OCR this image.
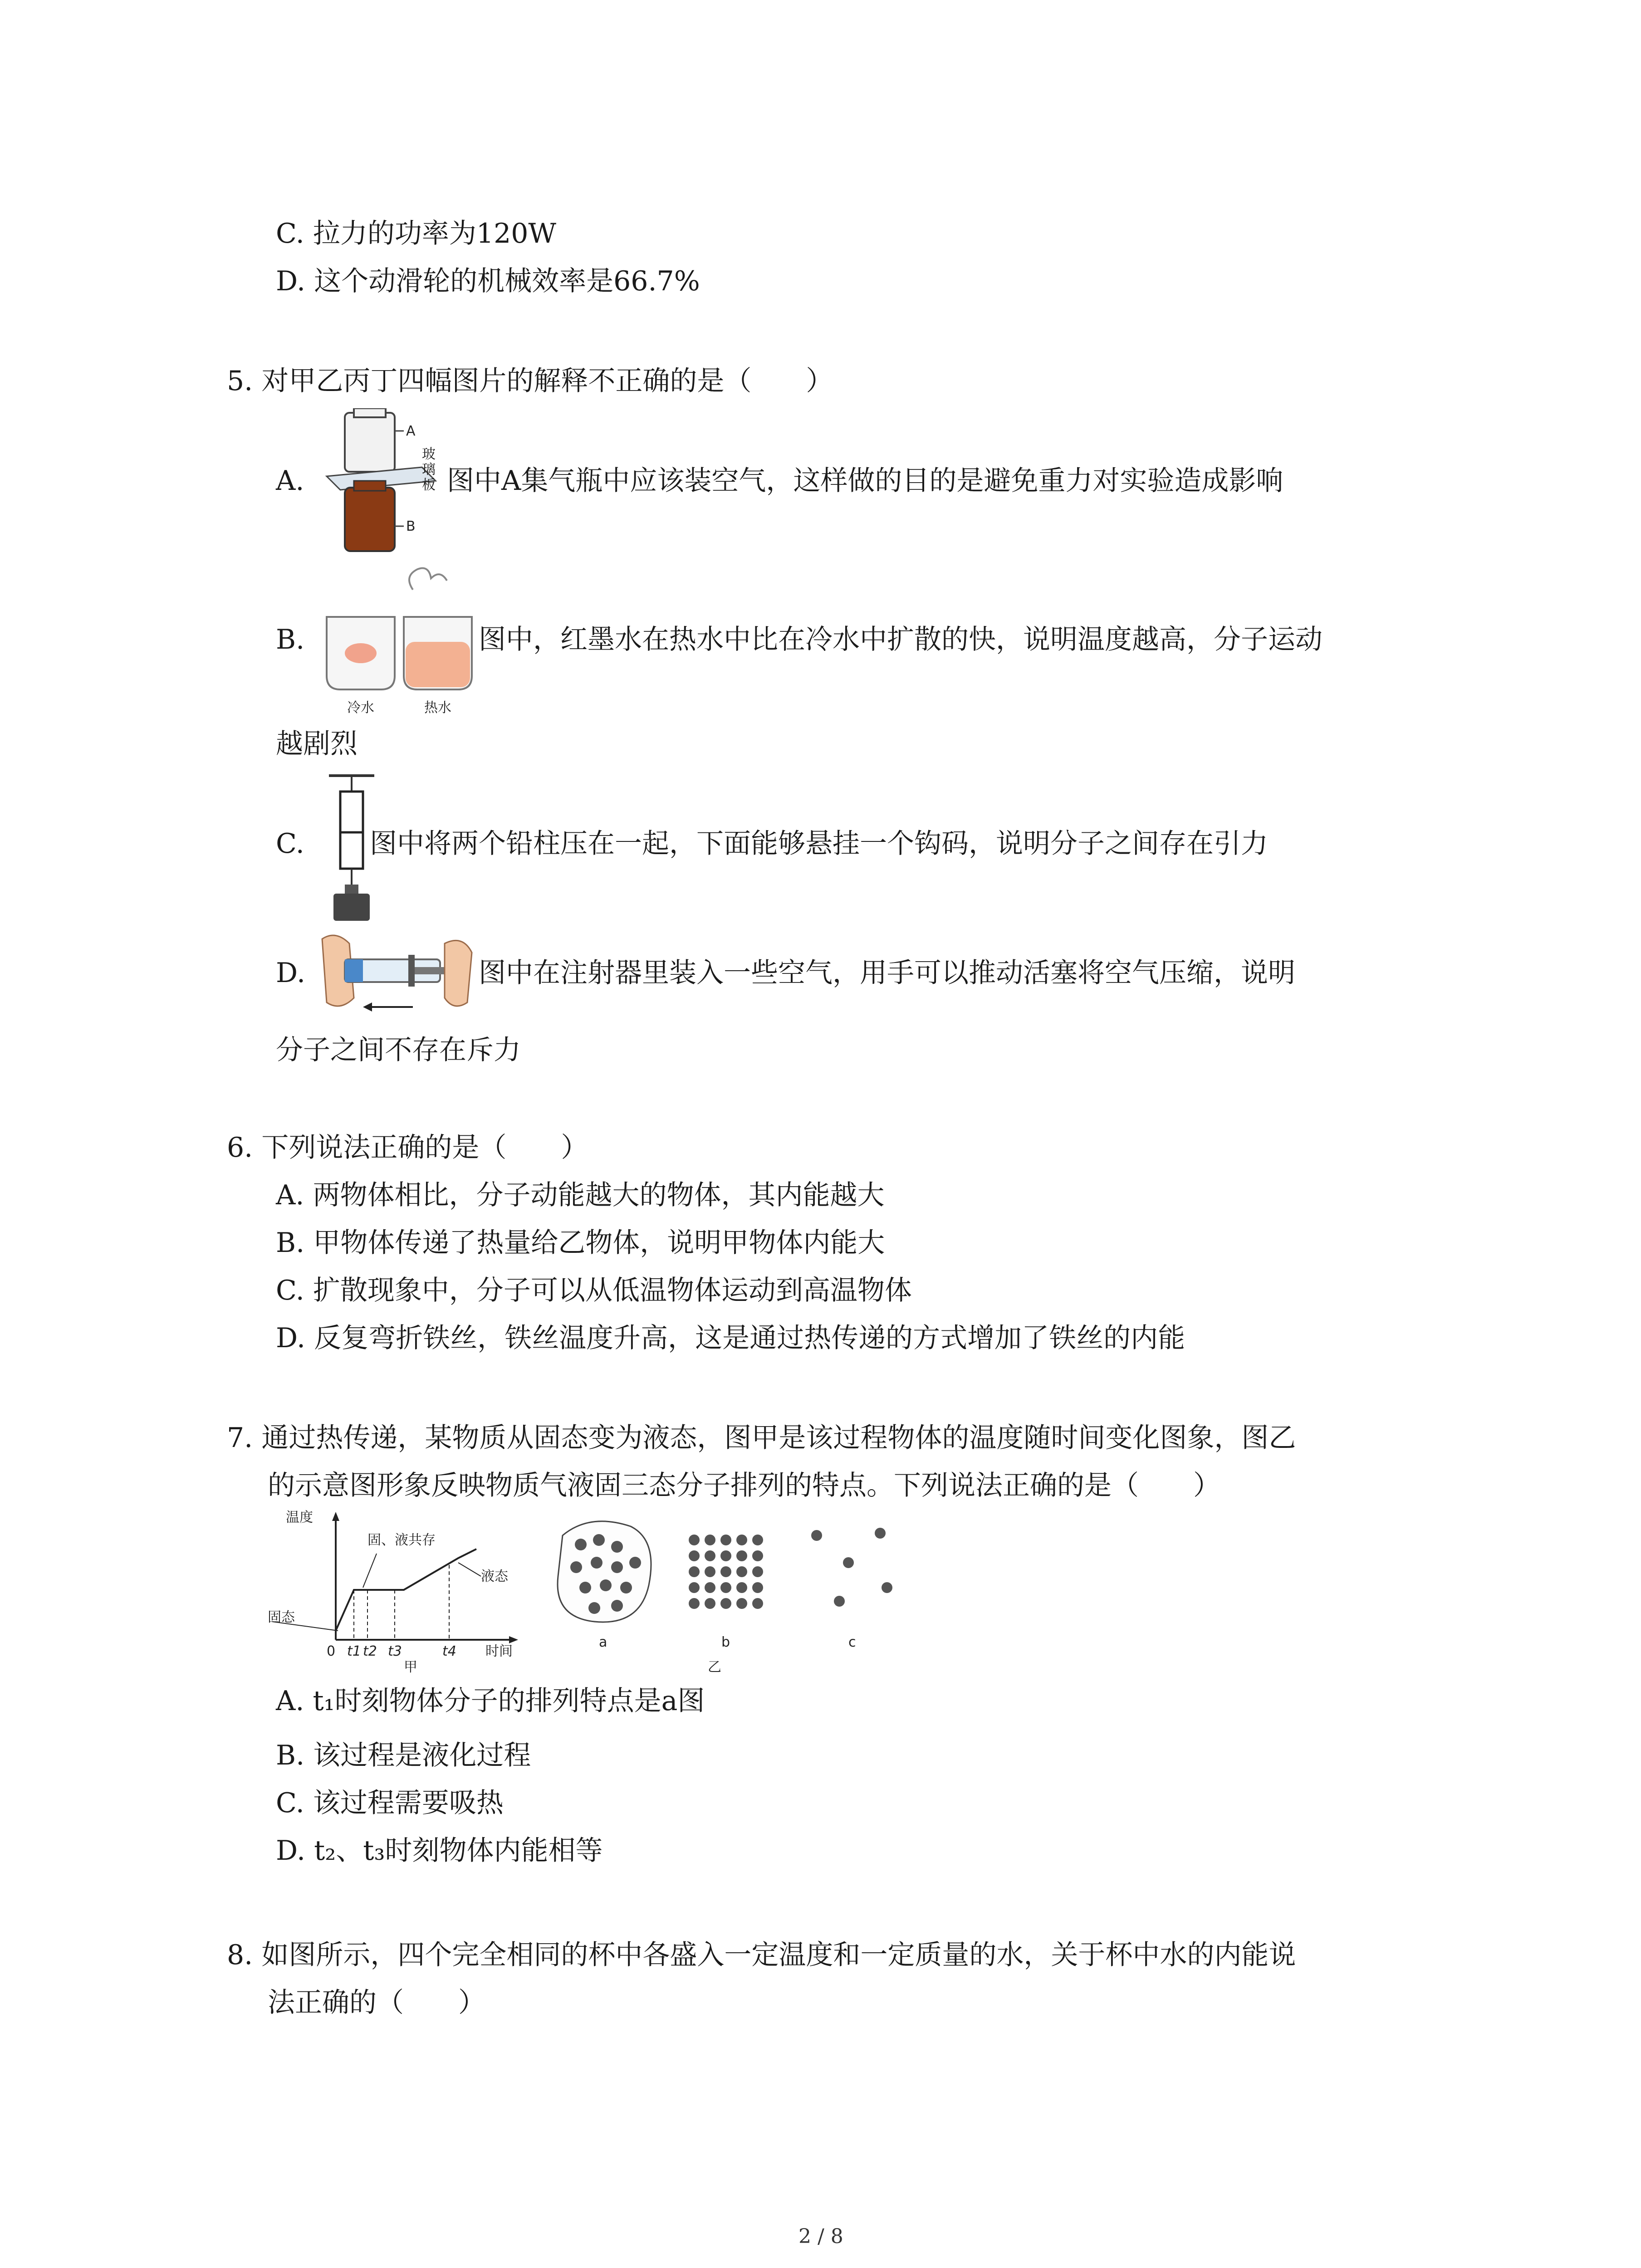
C. 拉力的功率为120W
D. 这个动滑轮的机械效率是66.7%
5. 对甲乙丙丁四幅图片的解释不正确的是（　　）
A.
A
B
玻璃板 图中A集气瓶中应该装空气，这样做的目的是避免重力对实验造成影响
B.
冷水	热水
图中，红墨水在热水中比在冷水中扩散的快，说明温度越高，分子运动
越剧烈
C. 图中将两个铅柱压在一起，下面能够悬挂一个钩码，说明分子之间存在引力
D.	图中在注射器里装入一些空气，用手可以推动活塞将空气压缩，说明
分子之间不存在斥力
6. 下列说法正确的是（　　）
A. 两物体相比，分子动能越大的物体，其内能越大
B. 甲物体传递了热量给乙物体，说明甲物体内能大
C. 扩散现象中，分子可以从低温物体运动到高温物体
D. 反复弯折铁丝，铁丝温度升高，这是通过热传递的方式增加了铁丝的内能
7. 通过热传递，某物质从固态变为液态，图甲是该过程物体的温度随时间变化图象，图乙
的示意图形象反映物质气液固三态分子排列的特点。下列说法正确的是（　　）
温度
固、液共存
液态
固态
0 t1 t2 t3	t4 时间
甲
a	b
乙
c
A. t₁时刻物体分子的排列特点是a图
B. 该过程是液化过程
C. 该过程需要吸热
D. t₂、t₃时刻物体内能相等
8. 如图所示，四个完全相同的杯中各盛入一定温度和一定质量的水，关于杯中水的内能说
法正确的（　　）
2 / 8
